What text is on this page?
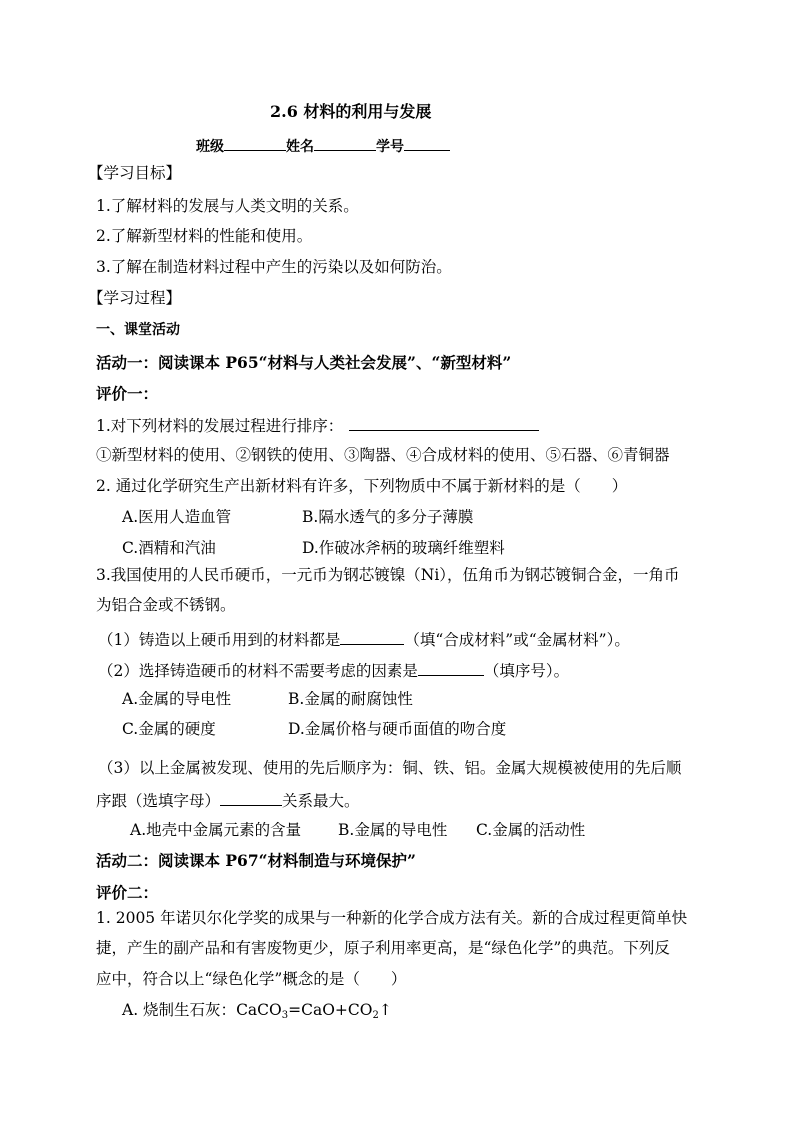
2.6 材料的利用与发展
班级	姓名	学号
【学习目标】
1.了解材料的发展与人类文明的关系。
2.了解新型材料的性能和使用。
3.了解在制造材料过程中产生的污染以及如何防治。
【学习过程】
一、课堂活动
活动一：阅读课本 P65“材料与人类社会发展”、“新型材料”
评价一：
1.对下列材料的发展过程进行排序：
①新型材料的使用、②钢铁的使用、③陶器、④合成材料的使用、⑤石器、⑥青铜器
2. 通过化学研究生产出新材料有许多，下列物质中不属于新材料的是（　　）
A.医用人造血管	B.隔水透气的多分子薄膜
C.酒精和汽油	D.作破冰斧柄的玻璃纤维塑料
3.我国使用的人民币硬币，一元币为钢芯镀镍（Ni），伍角币为钢芯镀铜合金，一角币
为铝合金或不锈钢。
（1）铸造以上硬币用到的材料都是	（填“合成材料”或“金属材料”）。
（2）选择铸造硬币的材料不需要考虑的因素是	（填序号）。
A.金属的导电性	B.金属的耐腐蚀性
C.金属的硬度	D.金属价格与硬币面值的吻合度
（3）以上金属被发现、使用的先后顺序为：铜、铁、铝。金属大规模被使用的先后顺
序跟（选填字母）	关系最大。
A.地壳中金属元素的含量 B.金属的导电性 C.金属的活动性
活动二：阅读课本 P67“材料制造与环境保护”
评价二：
1. 2005 年诺贝尔化学奖的成果与一种新的化学合成方法有关。新的合成过程更简单快
捷，产生的副产品和有害废物更少，原子利用率更高，是“绿色化学”的典范。下列反
应中，符合以上“绿色化学”概念的是（　　）
A. 烧制生石灰：$CaCO_3=CaO+CO_2↑$
